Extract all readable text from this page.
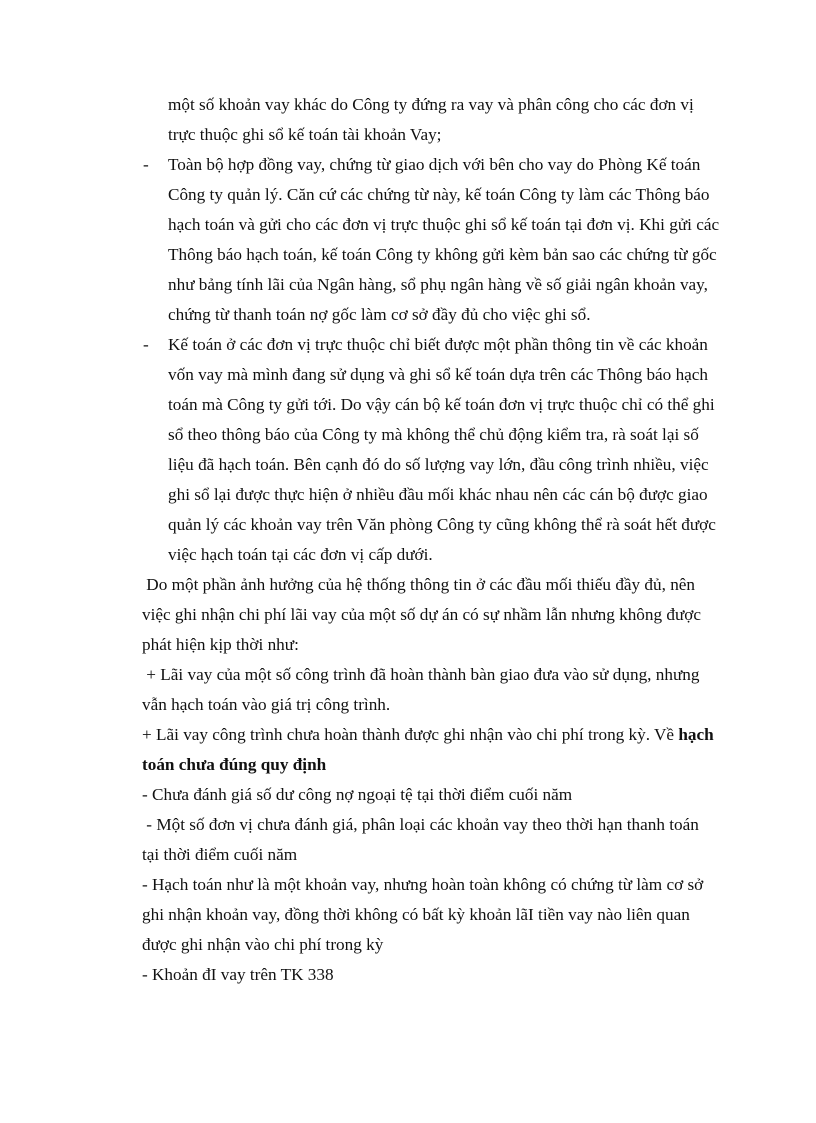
một số khoản vay khác do Công ty đứng ra vay và phân công cho các đơn vị

trực thuộc ghi sổ kế toán tài khoản Vay;

- Toàn bộ hợp đồng vay, chứng từ giao dịch với bên cho vay do Phòng Kế toán

Công ty quản lý. Căn cứ các chứng từ này, kế toán Công ty làm các Thông báo

hạch toán và gửi cho các đơn vị trực thuộc ghi sổ kế toán tại đơn vị. Khi gửi các

Thông báo hạch toán, kế toán Công ty không gửi kèm bản sao các chứng từ gốc

như bảng tính lãi của Ngân hàng, sổ phụ ngân hàng về số giải ngân khoản vay,

chứng từ thanh toán nợ gốc làm cơ sở đầy đủ cho việc ghi sổ.

- Kế toán ở các đơn vị trực thuộc chỉ biết được một phần thông tin về các khoản

vốn vay mà mình đang sử dụng và ghi sổ kế toán dựa trên các Thông báo hạch

toán mà Công ty gửi tới. Do vậy cán bộ kế toán đơn vị trực thuộc chỉ có thể ghi

sổ theo thông báo của Công ty mà không thể chủ động kiểm tra, rà soát lại số

liệu đã hạch toán. Bên cạnh đó do số lượng vay lớn, đầu công trình nhiều, việc

ghi sổ lại được thực hiện ở nhiều đầu mối khác nhau nên các cán bộ được giao

quản lý các khoản vay trên Văn phòng Công ty cũng không thể rà soát hết được

việc hạch toán tại các đơn vị cấp dưới.

Do một phần ảnh hưởng của hệ thống thông tin ở các đầu mối thiếu đầy đủ, nên

việc ghi nhận chi phí lãi vay của một số dự án có sự nhầm lẫn nhưng không được

phát hiện kịp thời như:

+ Lãi vay của một số công trình đã hoàn thành bàn giao đưa vào sử dụng, nhưng

vẫn hạch toán vào giá trị công trình.

+ Lãi vay công trình chưa hoàn thành được ghi nhận vào chi phí trong kỳ. Về hạch

toán chưa đúng quy định

- Chưa đánh giá số dư công nợ ngoại tệ tại thời điểm cuối năm

- Một số đơn vị chưa đánh giá, phân loại các khoản vay theo thời hạn thanh toán

tại thời điểm cuối năm

- Hạch toán như là một khoản vay, nhưng hoàn toàn không có chứng từ làm cơ sở

ghi nhận khoản vay, đồng thời không có bất kỳ khoản lãI tiền vay nào liên quan

được ghi nhận vào chi phí trong kỳ

- Khoản đI vay trên TK 338
